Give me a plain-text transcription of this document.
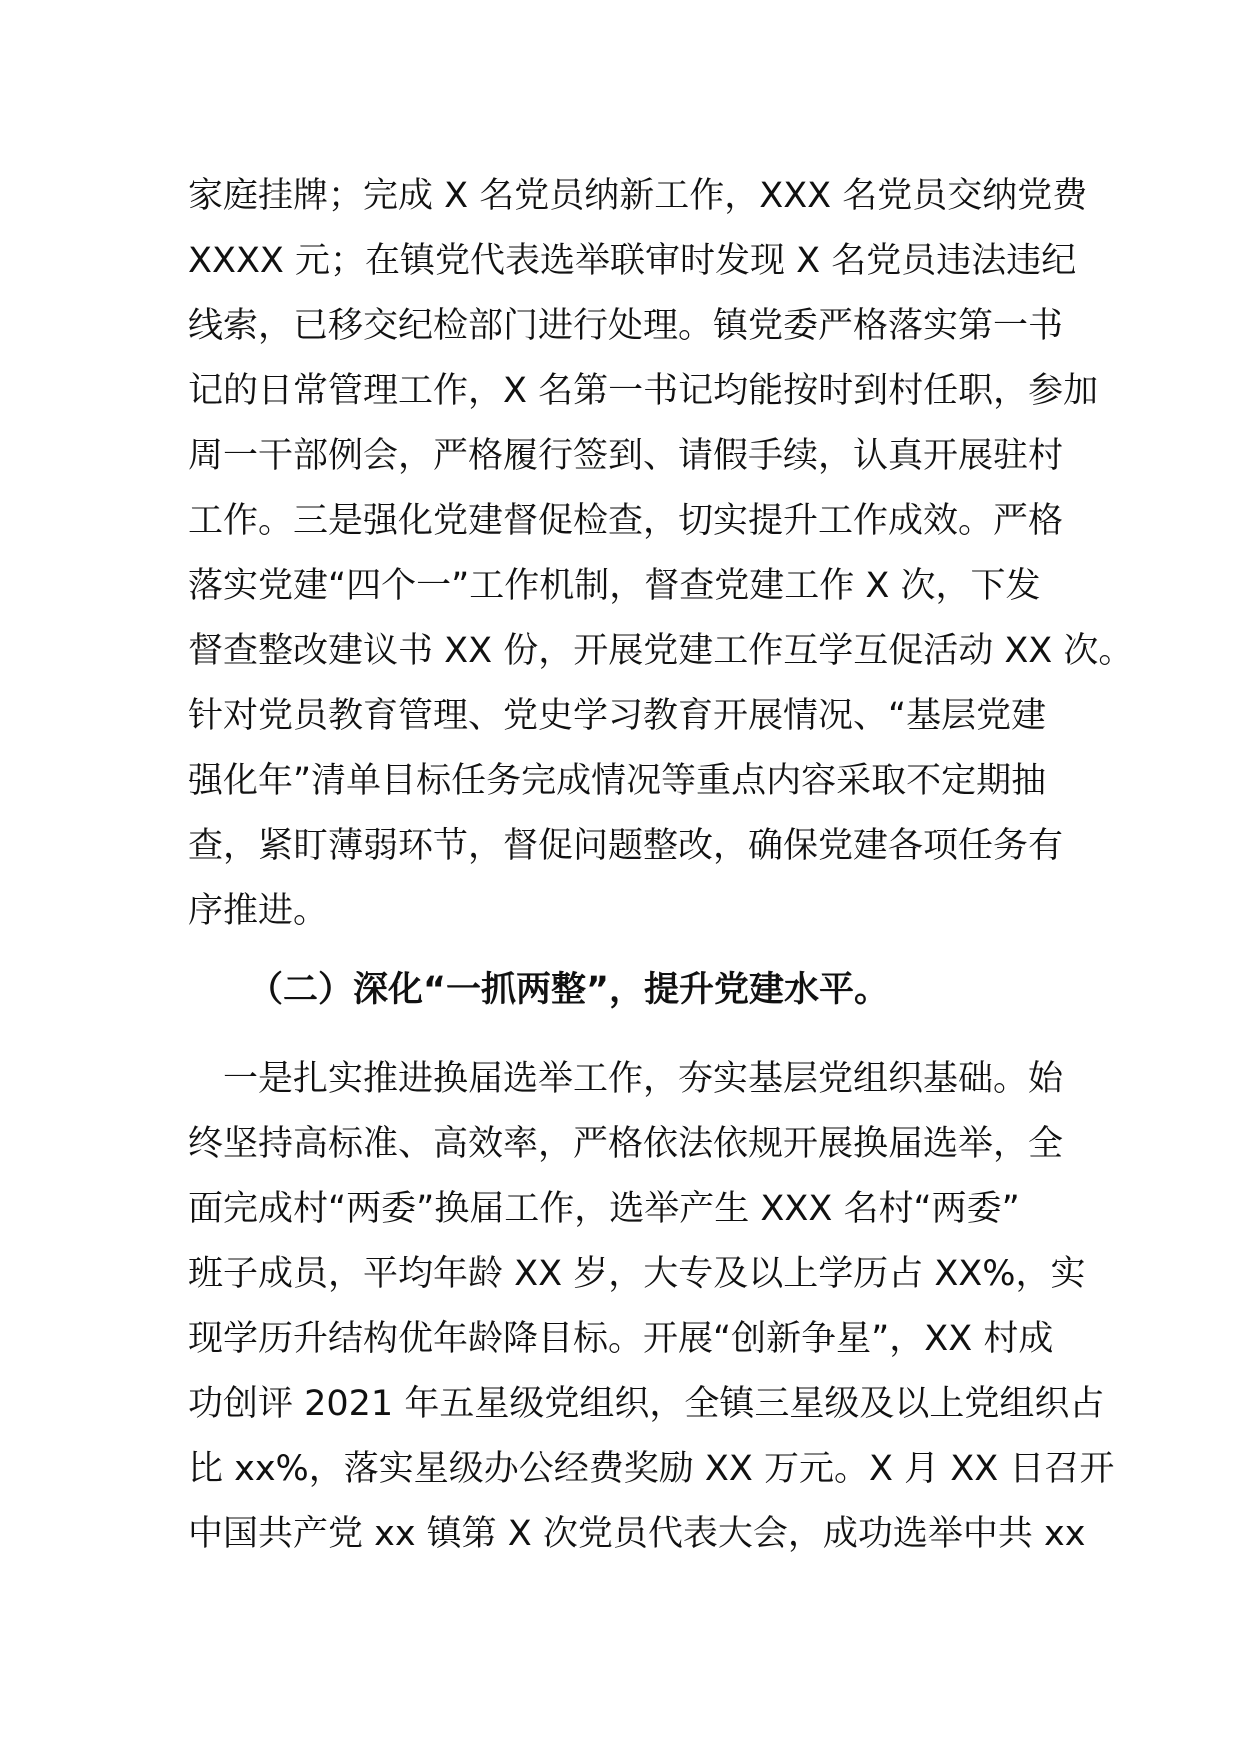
家庭挂牌；完成 X 名党员纳新工作，XXX 名党员交纳党费
XXXX 元；在镇党代表选举联审时发现 X 名党员违法违纪
线索，已移交纪检部门进行处理。镇党委严格落实第一书
记的日常管理工作，X 名第一书记均能按时到村任职，参加
周一干部例会，严格履行签到、请假手续，认真开展驻村
工作。三是强化党建督促检查，切实提升工作成效。严格
落实党建“四个一”工作机制，督查党建工作 X 次，下发
督查整改建议书 XX 份，开展党建工作互学互促活动 XX 次。
针对党员教育管理、党史学习教育开展情况、“基层党建
强化年”清单目标任务完成情况等重点内容采取不定期抽
查，紧盯薄弱环节，督促问题整改，确保党建各项任务有
序推进。
（二）深化“一抓两整”，提升党建水平。
　一是扎实推进换届选举工作，夯实基层党组织基础。始
终坚持高标准、高效率，严格依法依规开展换届选举，全
面完成村“两委”换届工作，选举产生 XXX 名村“两委”
班子成员，平均年龄 XX 岁，大专及以上学历占 XX%，实
现学历升结构优年龄降目标。开展“创新争星”，XX 村成
功创评 2021 年五星级党组织，全镇三星级及以上党组织占
比 xx%，落实星级办公经费奖励 XX 万元。X 月 XX 日召开
中国共产党 xx 镇第 X 次党员代表大会，成功选举中共 xx
